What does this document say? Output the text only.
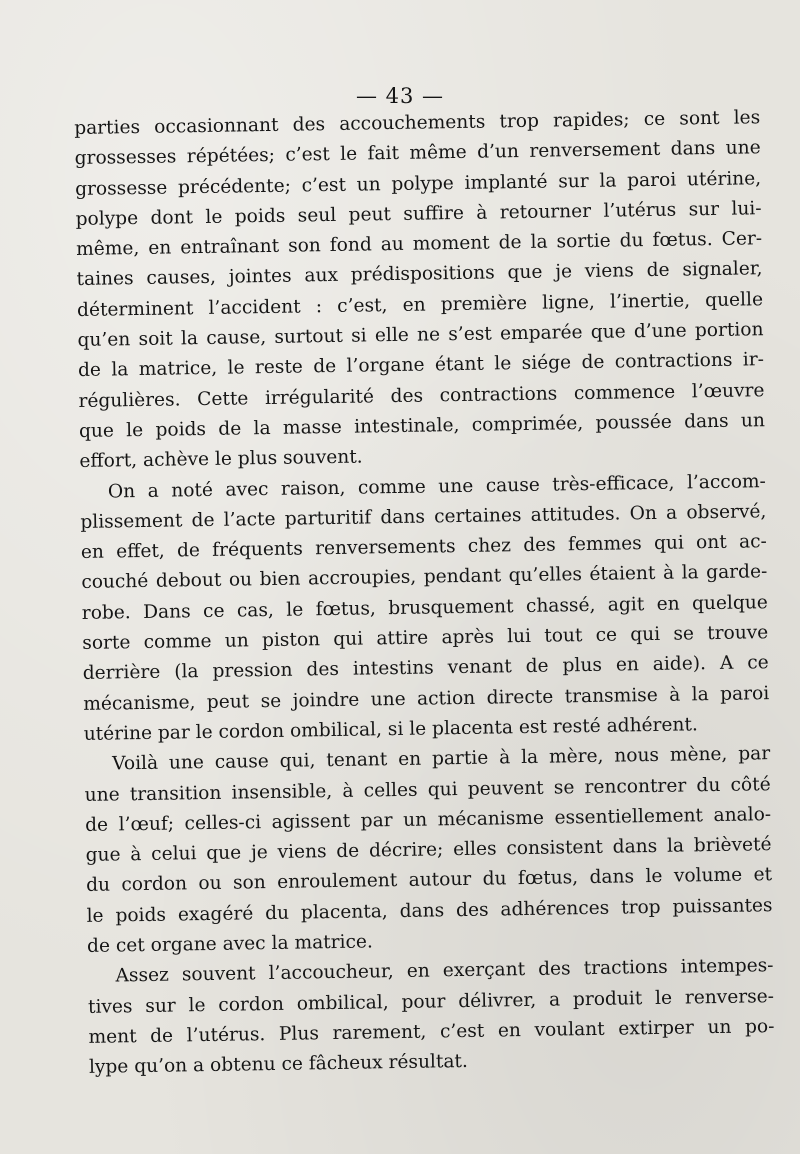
— 43 —

parties occasionnant des accouchements trop rapides; ce sont les
grossesses répétées; c’est le fait même d’un renversement dans une
grossesse précédente; c’est un polype implanté sur la paroi utérine,
polype dont le poids seul peut suffire à retourner l’utérus sur lui-
même, en entraînant son fond au moment de la sortie du fœtus. Cer-
taines causes, jointes aux prédispositions que je viens de signaler,
déterminent l’accident : c’est, en première ligne, l’inertie, quelle
qu’en soit la cause, surtout si elle ne s’est emparée que d’une portion
de la matrice, le reste de l’organe étant le siége de contractions ir-
régulières. Cette irrégularité des contractions commence l’œuvre
que le poids de la masse intestinale, comprimée, poussée dans un
effort, achève le plus souvent.

On a noté avec raison, comme une cause très-efficace, l’accom-
plissement de l’acte parturitif dans certaines attitudes. On a observé,
en effet, de fréquents renversements chez des femmes qui ont ac-
couché debout ou bien accroupies, pendant qu’elles étaient à la garde-
robe. Dans ce cas, le fœtus, brusquement chassé, agit en quelque
sorte comme un piston qui attire après lui tout ce qui se trouve
derrière (la pression des intestins venant de plus en aide). A ce
mécanisme, peut se joindre une action directe transmise à la paroi
utérine par le cordon ombilical, si le placenta est resté adhérent.

Voilà une cause qui, tenant en partie à la mère, nous mène, par
une transition insensible, à celles qui peuvent se rencontrer du côté
de l’œuf; celles-ci agissent par un mécanisme essentiellement analo-
gue à celui que je viens de décrire; elles consistent dans la brièveté
du cordon ou son enroulement autour du fœtus, dans le volume et
le poids exagéré du placenta, dans des adhérences trop puissantes
de cet organe avec la matrice.

Assez souvent l’accoucheur, en exerçant des tractions intempes-
tives sur le cordon ombilical, pour délivrer, a produit le renverse-
ment de l’utérus. Plus rarement, c’est en voulant extirper un po-
lype qu’on a obtenu ce fâcheux résultat.
